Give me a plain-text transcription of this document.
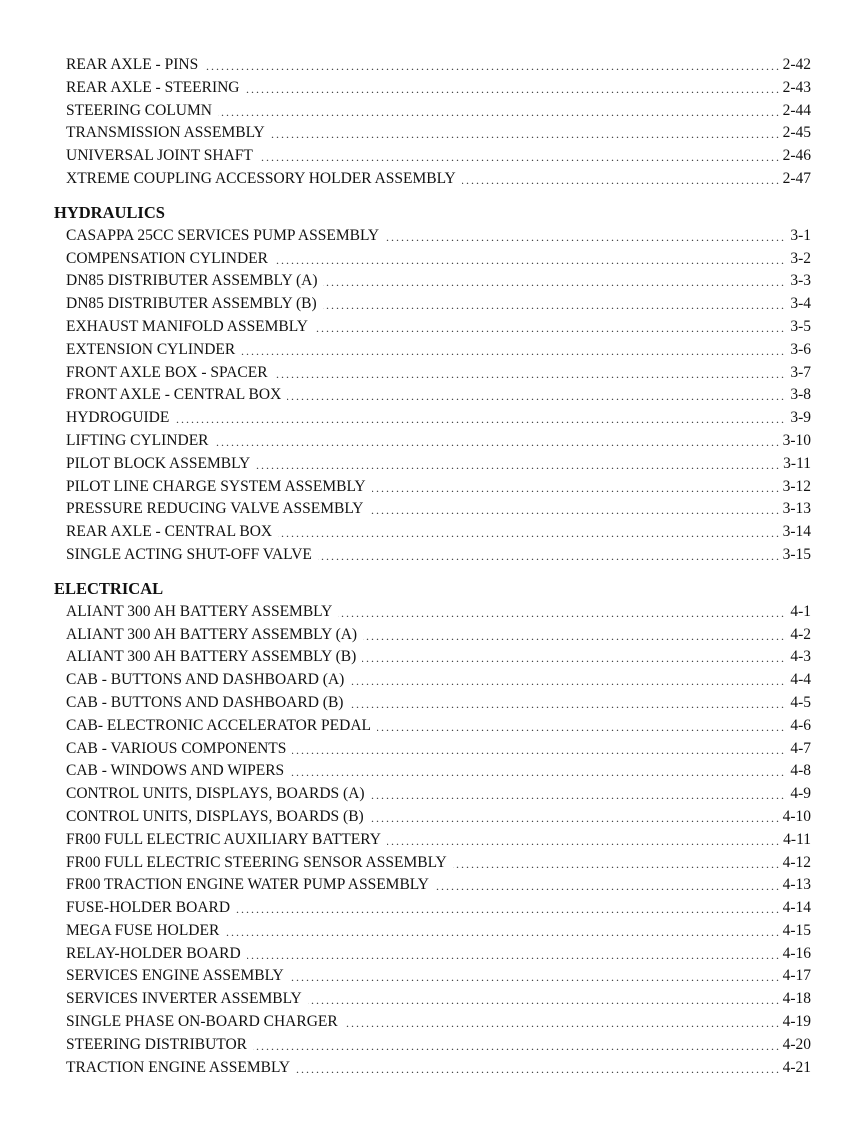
. . .
REAR AXLE - PINS	2-42
. . .
REAR AXLE - STEERING	2-43
. . .
STEERING COLUMN	2-44
. . .
TRANSMISSION ASSEMBLY	2-45
. . .
UNIVERSAL JOINT SHAFT	2-46
. . .
XTREME COUPLING ACCESSORY HOLDER ASSEMBLY	2-47
HYDRAULICS
. . .
CASAPPA 25CC SERVICES PUMP ASSEMBLY	3-1
. . .
COMPENSATION CYLINDER	3-2
. . .
DN85 DISTRIBUTER ASSEMBLY (A)	3-3
. . .
DN85 DISTRIBUTER ASSEMBLY (B)	3-4
. . .
EXHAUST MANIFOLD ASSEMBLY	3-5
. . .
EXTENSION CYLINDER	3-6
. . .
FRONT AXLE BOX - SPACER	3-7
. . .
FRONT AXLE - CENTRAL BOX	3-8
. . .
HYDROGUIDE	3-9
. . .
LIFTING CYLINDER	3-10
. . .
PILOT BLOCK ASSEMBLY	3-11
. . .
PILOT LINE CHARGE SYSTEM ASSEMBLY	3-12
. . .
PRESSURE REDUCING VALVE ASSEMBLY	3-13
. . .
REAR AXLE - CENTRAL BOX	3-14
. . .
SINGLE ACTING SHUT-OFF VALVE	3-15
ELECTRICAL
. . .
ALIANT 300 AH BATTERY ASSEMBLY	4-1
. . .
ALIANT 300 AH BATTERY ASSEMBLY (A)	4-2
. . .
ALIANT 300 AH BATTERY ASSEMBLY (B)	4-3
. . .
CAB - BUTTONS AND DASHBOARD (A)	4-4
. . .
CAB - BUTTONS AND DASHBOARD (B)	4-5
. . .
CAB- ELECTRONIC ACCELERATOR PEDAL	4-6
. . .
CAB - VARIOUS COMPONENTS	4-7
. . .
CAB - WINDOWS AND WIPERS	4-8
. . .
CONTROL UNITS, DISPLAYS, BOARDS (A)	4-9
. . .
CONTROL UNITS, DISPLAYS, BOARDS (B)	4-10
. . .
FR00 FULL ELECTRIC AUXILIARY BATTERY	4-11
. . .
FR00 FULL ELECTRIC STEERING SENSOR ASSEMBLY	4-12
. . .
FR00 TRACTION ENGINE WATER PUMP ASSEMBLY	4-13
. . .
FUSE-HOLDER BOARD	4-14
. . .
MEGA FUSE HOLDER	4-15
. . .
RELAY-HOLDER BOARD	4-16
. . .
SERVICES ENGINE ASSEMBLY	4-17
. . .
SERVICES INVERTER ASSEMBLY	4-18
. . .
SINGLE PHASE ON-BOARD CHARGER	4-19
. . .
STEERING DISTRIBUTOR	4-20
. . .
TRACTION ENGINE ASSEMBLY	4-21
